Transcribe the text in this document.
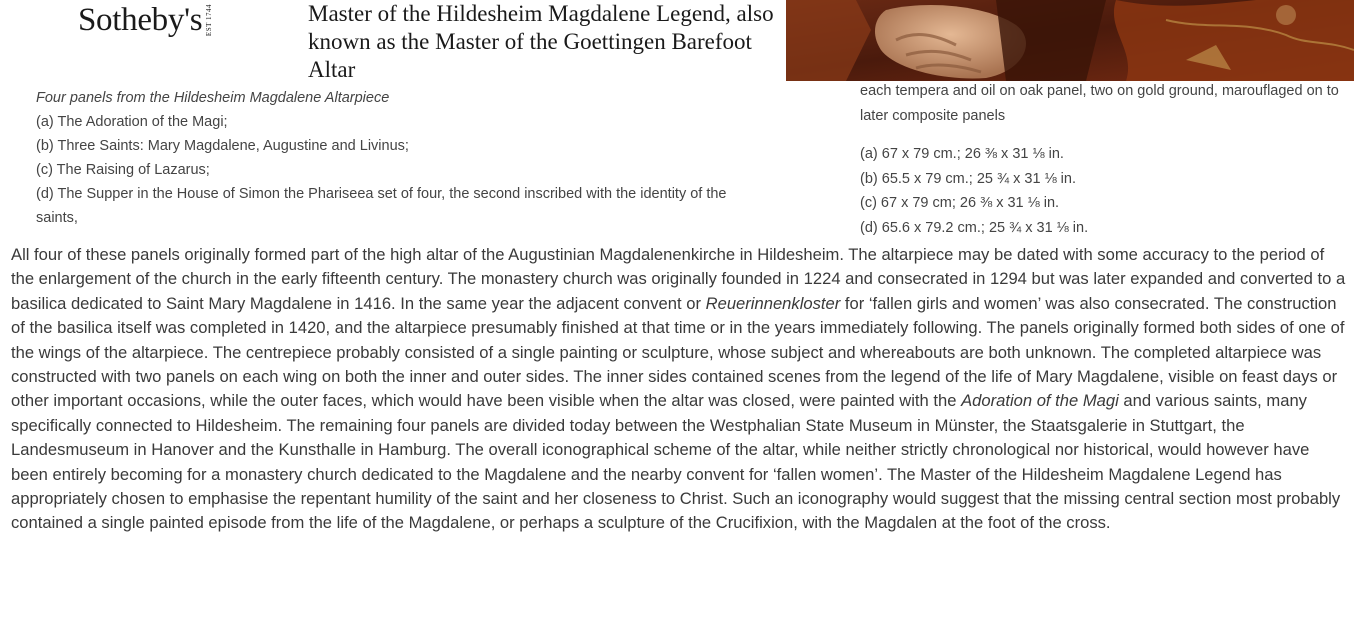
Sotheby's EST 1744	Master of the Hildesheim Magdalene Legend, also known as the Master of the Goettingen Barefoot Altar
Four panels from the Hildesheim Magdalene Altarpiece
(a) The Adoration of the Magi;
(b) Three Saints: Mary Magdalene, Augustine and Livinus;
(c) The Raising of Lazarus;
(d) The Supper in the House of Simon the Phariseea set of four, the second inscribed with the identity of the saints,
each tempera and oil on oak panel, two on gold ground, marouflaged on to later composite panels
(a) 67 x 79 cm.; 26 ⅜ x 31 ⅛ in.
(b) 65.5 x 79 cm.; 25 ¾ x 31 ⅛ in.
(c) 67 x 79 cm; 26 ⅜ x 31 ⅛ in.
(d) 65.6 x 79.2 cm.; 25 ¾ x 31 ⅛ in.

All four of these panels originally formed part of the high altar of the Augustinian Magdalenenkirche in Hildesheim. The altarpiece may be dated with some accuracy to the period of the enlargement of the church in the early fifteenth century. The monastery church was originally founded in 1224 and consecrated in 1294 but was later expanded and converted to a basilica dedicated to Saint Mary Magdalene in 1416. In the same year the adjacent convent or Reuerinnenkloster for ‘fallen girls and women’ was also consecrated. The construction of the basilica itself was completed in 1420, and the altarpiece presumably finished at that time or in the years immediately following. The panels originally formed both sides of one of the wings of the altarpiece. The centrepiece probably consisted of a single painting or sculpture, whose subject and whereabouts are both unknown. The completed altarpiece was constructed with two panels on each wing on both the inner and outer sides. The inner sides contained scenes from the legend of the life of Mary Magdalene, visible on feast days or other important occasions, while the outer faces, which would have been visible when the altar was closed, were painted with the Adoration of the Magi and various saints, many specifically connected to Hildesheim. The remaining four panels are divided today between the Westphalian State Museum in Münster, the Staatsgalerie in Stuttgart, the Landesmuseum in Hanover and the Kunsthalle in Hamburg. The overall iconographical scheme of the altar, while neither strictly chronological nor historical, would however have been entirely becoming for a monastery church dedicated to the Magdalene and the nearby convent for ‘fallen women’. The Master of the Hildesheim Magdalene Legend has appropriately chosen to emphasise the repentant humility of the saint and her closeness to Christ. Such an iconography would suggest that the missing central section most probably contained a single painted episode from the life of the Magdalene, or perhaps a sculpture of the Crucifixion, with the Magdalen at the foot of the cross.
